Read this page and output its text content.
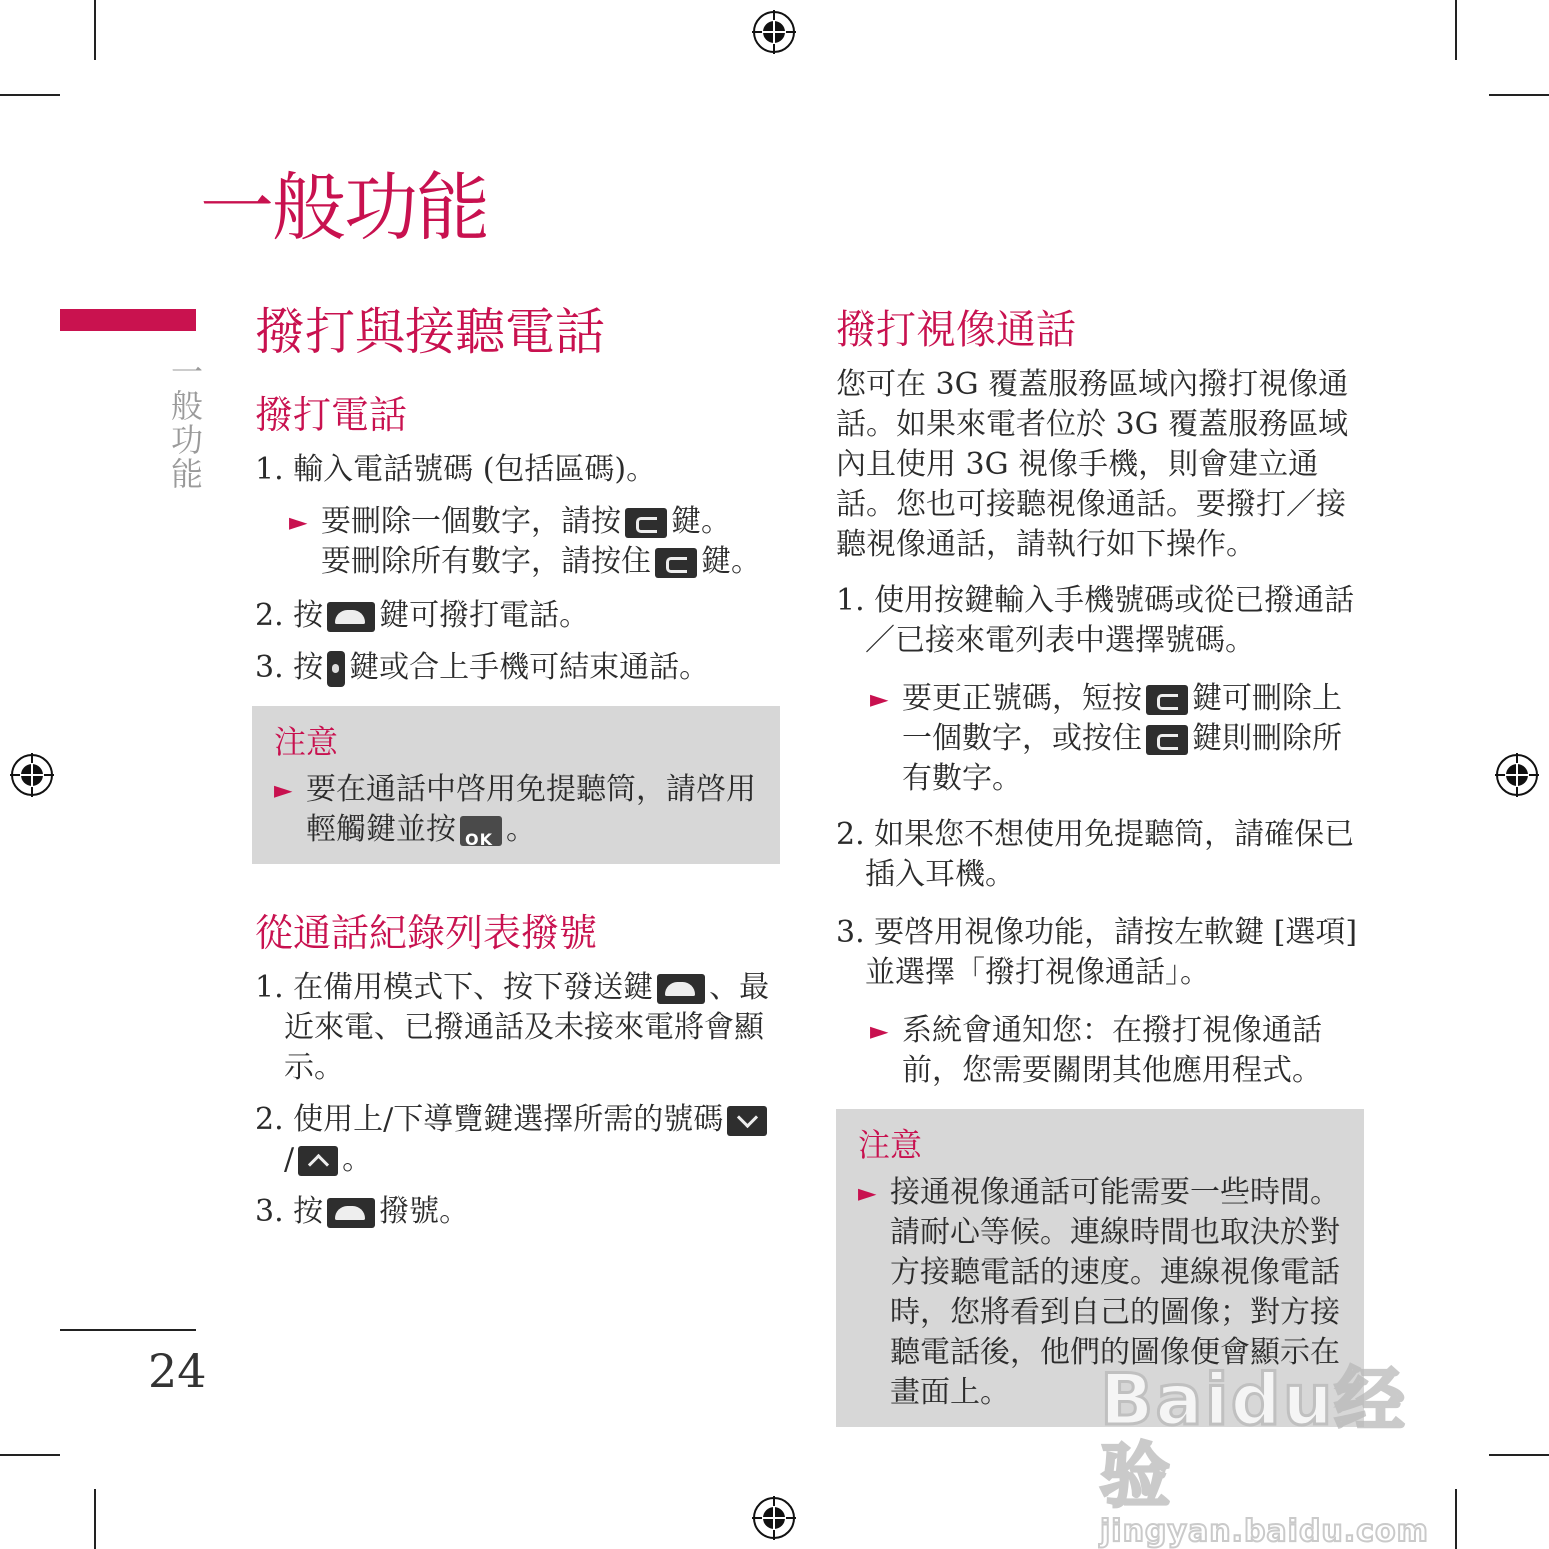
一般功能
一般功能
24
撥打與接聽電話
撥打電話

1. 輸入電話號碼 (包括區碼)。

► 要刪除一個數字，請按 鍵。
要刪除所有數字，請按住 鍵。

2. 按 鍵可撥打電話。

3. 按 鍵或合上手機可結束通話。

注意
► 要在通話中啓用免提聽筒，請啓用輕觸鍵並按 OK 。
從通話紀錄列表撥號

1. 在備用模式下、按下發送鍵 、最近來電、已撥通話及未接來電將會顯示。

2. 使用上/下導覽鍵選擇所需的號碼
/ 。

3. 按 撥號。

撥打視像通話

您可在 3G 覆蓋服務區域內撥打視像通話。如果來電者位於 3G 覆蓋服務區域內且使用 3G 視像手機，則會建立通話。您也可接聽視像通話。要撥打／接聽視像通話，請執行如下操作。

1. 使用按鍵輸入手機號碼或從已撥通話／已接來電列表中選擇號碼。

► 要更正號碼，短按 鍵可刪除上一個數字，或按住 鍵則刪除所有數字。

2. 如果您不想使用免提聽筒，請確保已插入耳機。

3. 要啓用視像功能，請按左軟鍵 [選項] 並選擇「撥打視像通話」。

► 系統會通知您：在撥打視像通話前，您需要關閉其他應用程式。
注意
► 接通視像通話可能需要一些時間。請耐心等候。連線時間也取決於對方接聽電話的速度。連線視像電話時，您將看到自己的圖像；對方接聽電話後，他們的圖像便會顯示在畫面上。	Baidu经验
jingyan.baidu.com
